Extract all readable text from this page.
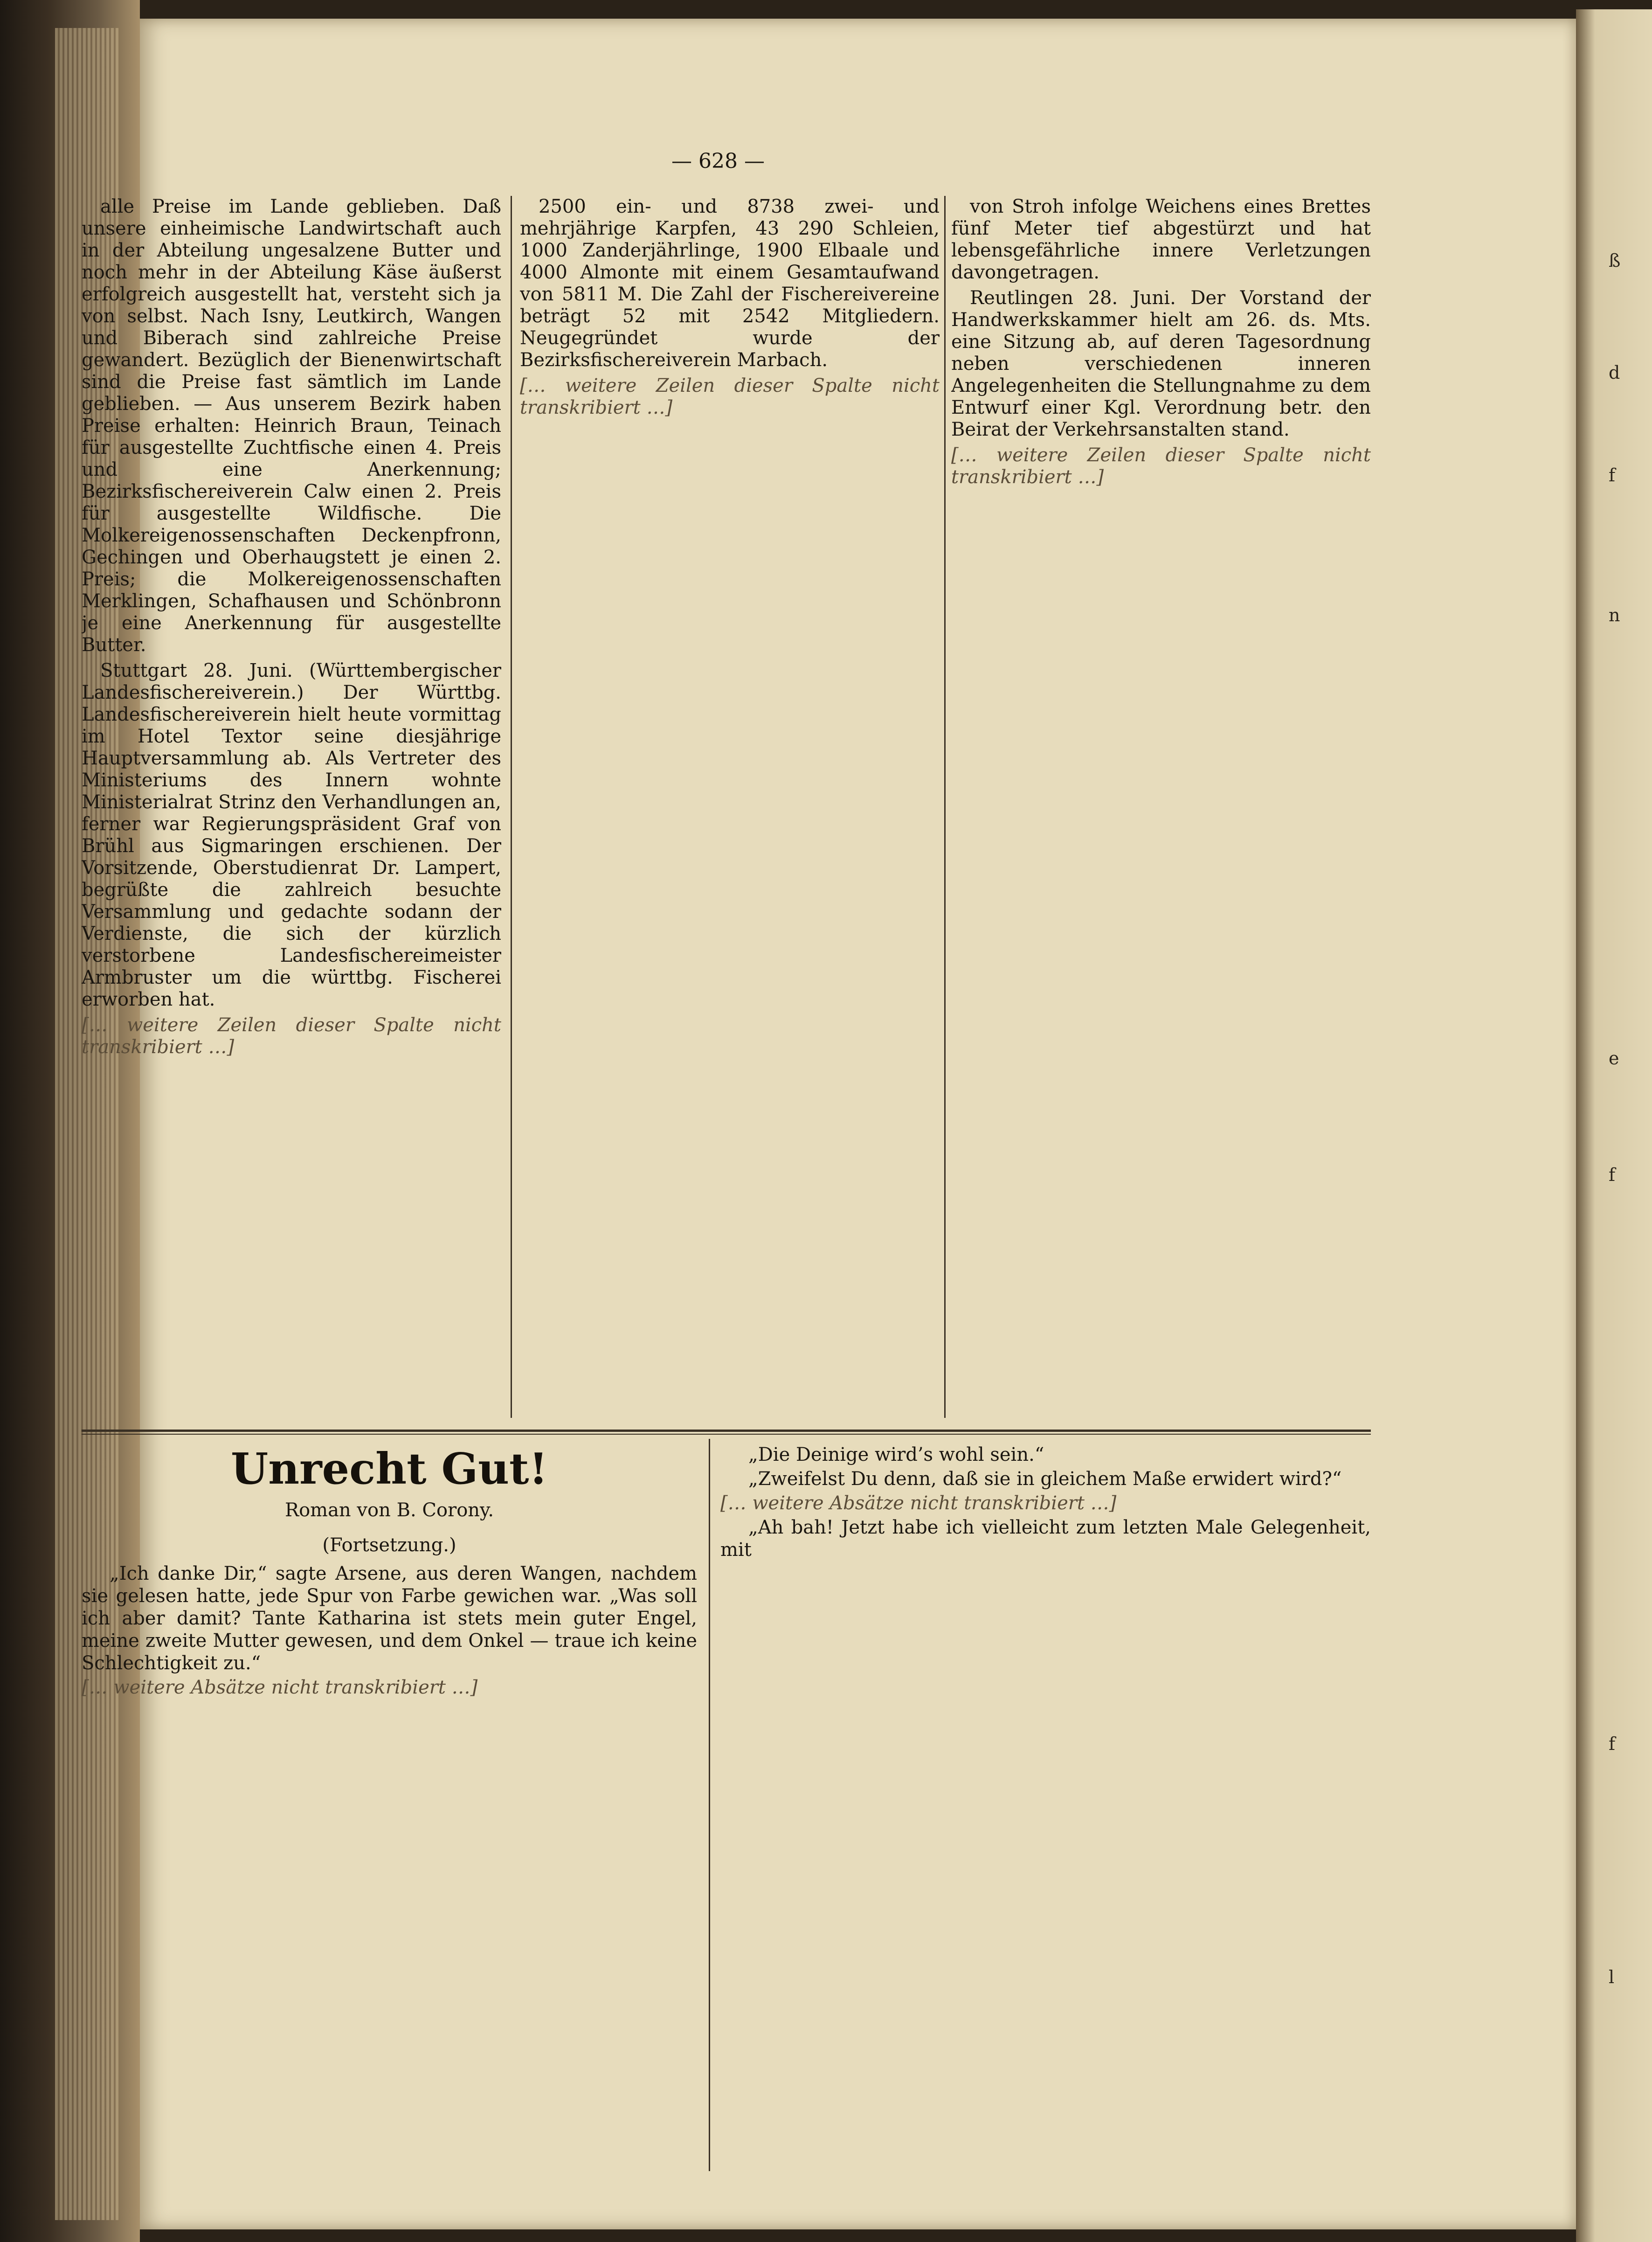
— 628 —

alle Preise im Lande geblieben. Daß unsere einheimische Landwirtschaft auch in der Abteilung ungesalzene Butter und noch mehr in der Abteilung Käse äußerst erfolgreich ausgestellt hat, versteht sich ja von selbst. Nach Isny, Leutkirch, Wangen und Biberach sind zahlreiche Preise gewandert. Bezüglich der Bienenwirtschaft sind die Preise fast sämtlich im Lande geblieben. — Aus unserem Bezirk haben Preise erhalten: Heinrich Braun, Teinach für ausgestellte Zuchtfische einen 4. Preis und eine Anerkennung; Bezirksfischereiverein Calw einen 2. Preis für ausgestellte Wildfische. Die Molkereigenossenschaften Deckenpfronn, Gechingen und Oberhaugstett je einen 2. Preis; die Molkereigenossenschaften Merklingen, Schafhausen und Schönbronn je eine Anerkennung für ausgestellte Butter.

Stuttgart 28. Juni. (Württembergischer Landesfischereiverein.) Der Württbg. Landesfischereiverein hielt heute vormittag im Hotel Textor seine diesjährige Hauptversammlung ab. Als Vertreter des Ministeriums des Innern wohnte Ministerialrat Strinz den Verhandlungen an, ferner war Regierungspräsident Graf von Brühl aus Sigmaringen erschienen. Der Vorsitzende, Oberstudienrat Dr. Lampert, begrüßte die zahlreich besuchte Versammlung und gedachte sodann der Verdienste, die sich der kürzlich verstorbene Landesfischereimeister Armbruster um die württbg. Fischerei erworben hat.

[… weitere Zeilen dieser Spalte nicht transkribiert …]

2500 ein- und 8738 zwei- und mehrjährige Karpfen, 43 290 Schleien, 1000 Zanderjährlinge, 1900 Elbaale und 4000 Almonte mit einem Gesamtaufwand von 5811 M. Die Zahl der Fischereivereine beträgt 52 mit 2542 Mitgliedern. Neugegründet wurde der Bezirksfischereiverein Marbach.

[… weitere Zeilen dieser Spalte nicht transkribiert …]

von Stroh infolge Weichens eines Brettes fünf Meter tief abgestürzt und hat lebensgefährliche innere Verletzungen davongetragen.

Reutlingen 28. Juni. Der Vorstand der Handwerkskammer hielt am 26. ds. Mts. eine Sitzung ab, auf deren Tagesordnung neben verschiedenen inneren Angelegenheiten die Stellungnahme zu dem Entwurf einer Kgl. Verordnung betr. den Beirat der Verkehrsanstalten stand.

[… weitere Zeilen dieser Spalte nicht transkribiert …]

Unrecht Gut!
Roman von B. Corony.
(Fortsetzung.)

„Ich danke Dir,“ sagte Arsene, aus deren Wangen, nachdem sie gelesen hatte, jede Spur von Farbe gewichen war. „Was soll ich aber damit? Tante Katharina ist stets mein guter Engel, meine zweite Mutter gewesen, und dem Onkel — traue ich keine Schlechtigkeit zu.“

[… weitere Absätze nicht transkribiert …]

„Die Deinige wird’s wohl sein.“

„Zweifelst Du denn, daß sie in gleichem Maße erwidert wird?“

[… weitere Absätze nicht transkribiert …]

„Ah bah! Jetzt habe ich vielleicht zum letzten Male Gelegenheit, mit

ß
d
f
n
e
f
f
l
